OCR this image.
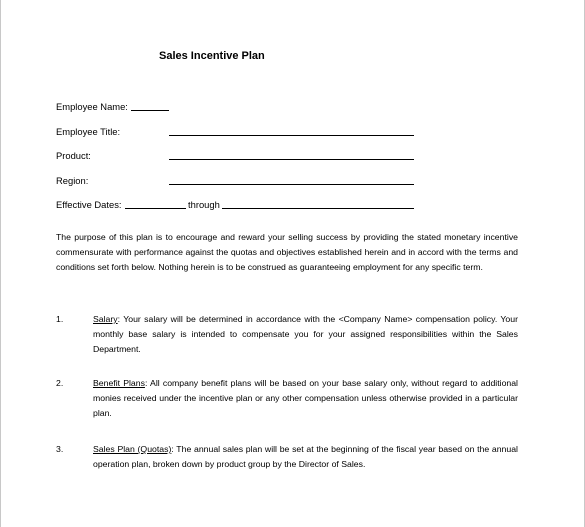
Sales Incentive Plan
Employee Name:
Employee Title:
Product:
Region:
Effective Dates:	through

The purpose of this plan is to encourage and reward your selling success by providing the stated monetary incentive commensurate with performance against the quotas and objectives established herein and in accord with the terms and conditions set forth below. Nothing herein is to be construed as guaranteeing employment for any specific term.

1.	Salary: Your salary will be determined in accordance with the <Company Name> compensation policy. Your monthly base salary is intended to compensate you for your assigned responsibilities within the Sales Department.

2.	Benefit Plans: All company benefit plans will be based on your base salary only, without regard to additional monies received under the incentive plan or any other compensation unless otherwise provided in a particular plan.

3.	Sales Plan (Quotas): The annual sales plan will be set at the beginning of the fiscal year based on the annual operation plan, broken down by product group by the Director of Sales.
